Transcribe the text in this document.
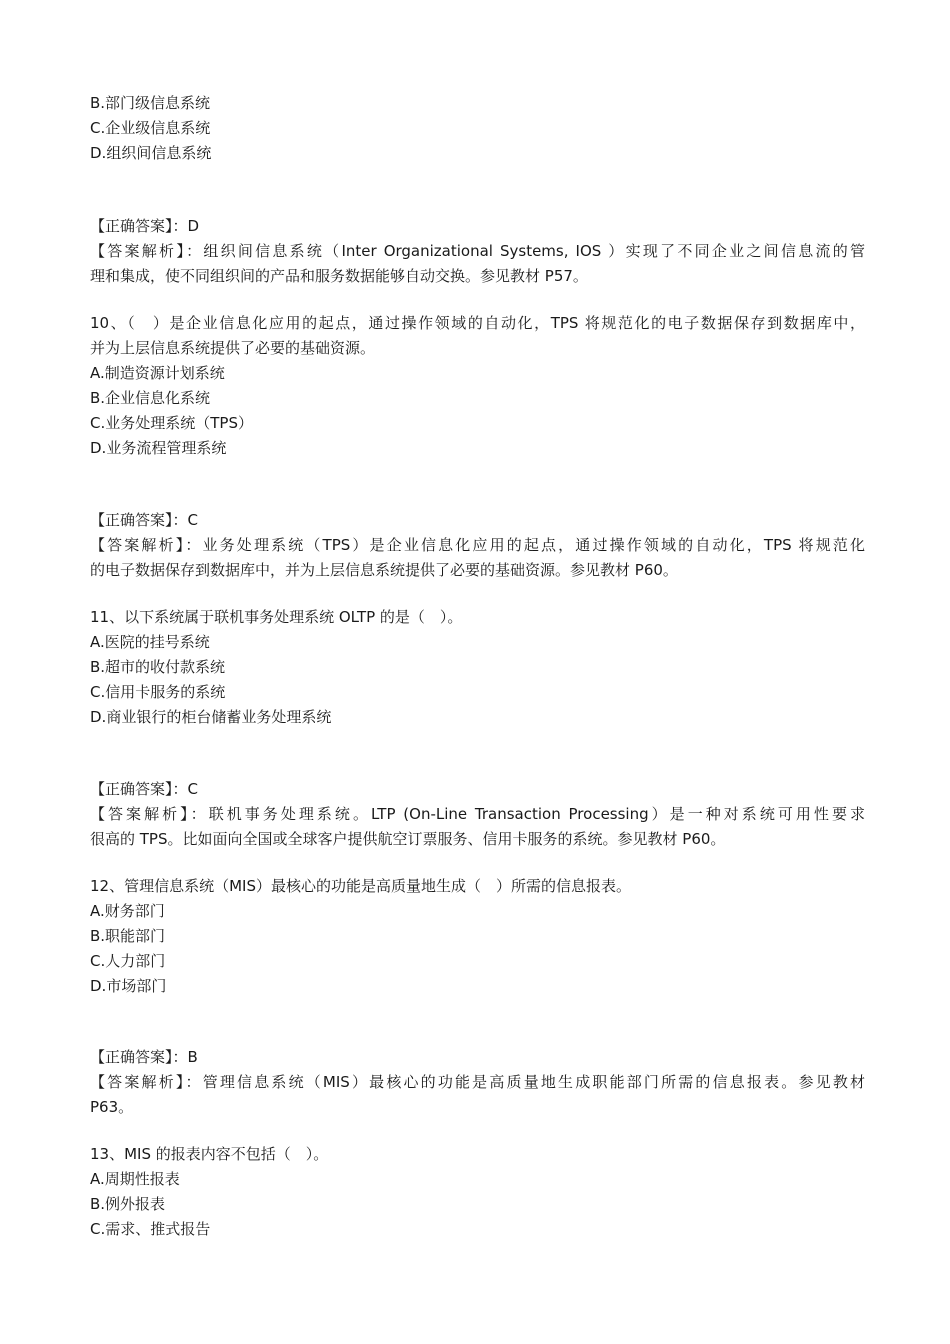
B.部门级信息系统
C.企业级信息系统
D.组织间信息系统
【正确答案】：D
【答案解析】：组织间信息系统（Inter Organizational Systems, IOS ）实现了不同企业之间信息流的管
理和集成，使不同组织间的产品和服务数据能够自动交换。参见教材 P57。
10、（　）是企业信息化应用的起点，通过操作领域的自动化，TPS 将规范化的电子数据保存到数据库中，
并为上层信息系统提供了必要的基础资源。
A.制造资源计划系统
B.企业信息化系统
C.业务处理系统（TPS）
D.业务流程管理系统
【正确答案】：C
【答案解析】：业务处理系统（TPS）是企业信息化应用的起点，通过操作领域的自动化，TPS 将规范化
的电子数据保存到数据库中，并为上层信息系统提供了必要的基础资源。参见教材 P60。
11、以下系统属于联机事务处理系统 OLTP 的是（　）。
A.医院的挂号系统
B.超市的收付款系统
C.信用卡服务的系统
D.商业银行的柜台储蓄业务处理系统
【正确答案】：C
【答案解析】：联机事务处理系统。LTP (On-Line Transaction Processing）是一种对系统可用性要求
很高的 TPS。比如面向全国或全球客户提供航空订票服务、信用卡服务的系统。参见教材 P60。
12、管理信息系统（MIS）最核心的功能是高质量地生成（　）所需的信息报表。
A.财务部门
B.职能部门
C.人力部门
D.市场部门
【正确答案】：B
【答案解析】：管理信息系统（MIS）最核心的功能是高质量地生成职能部门所需的信息报表。参见教材
P63。
13、MIS 的报表内容不包括（　）。
A.周期性报表
B.例外报表
C.需求、推式报告
